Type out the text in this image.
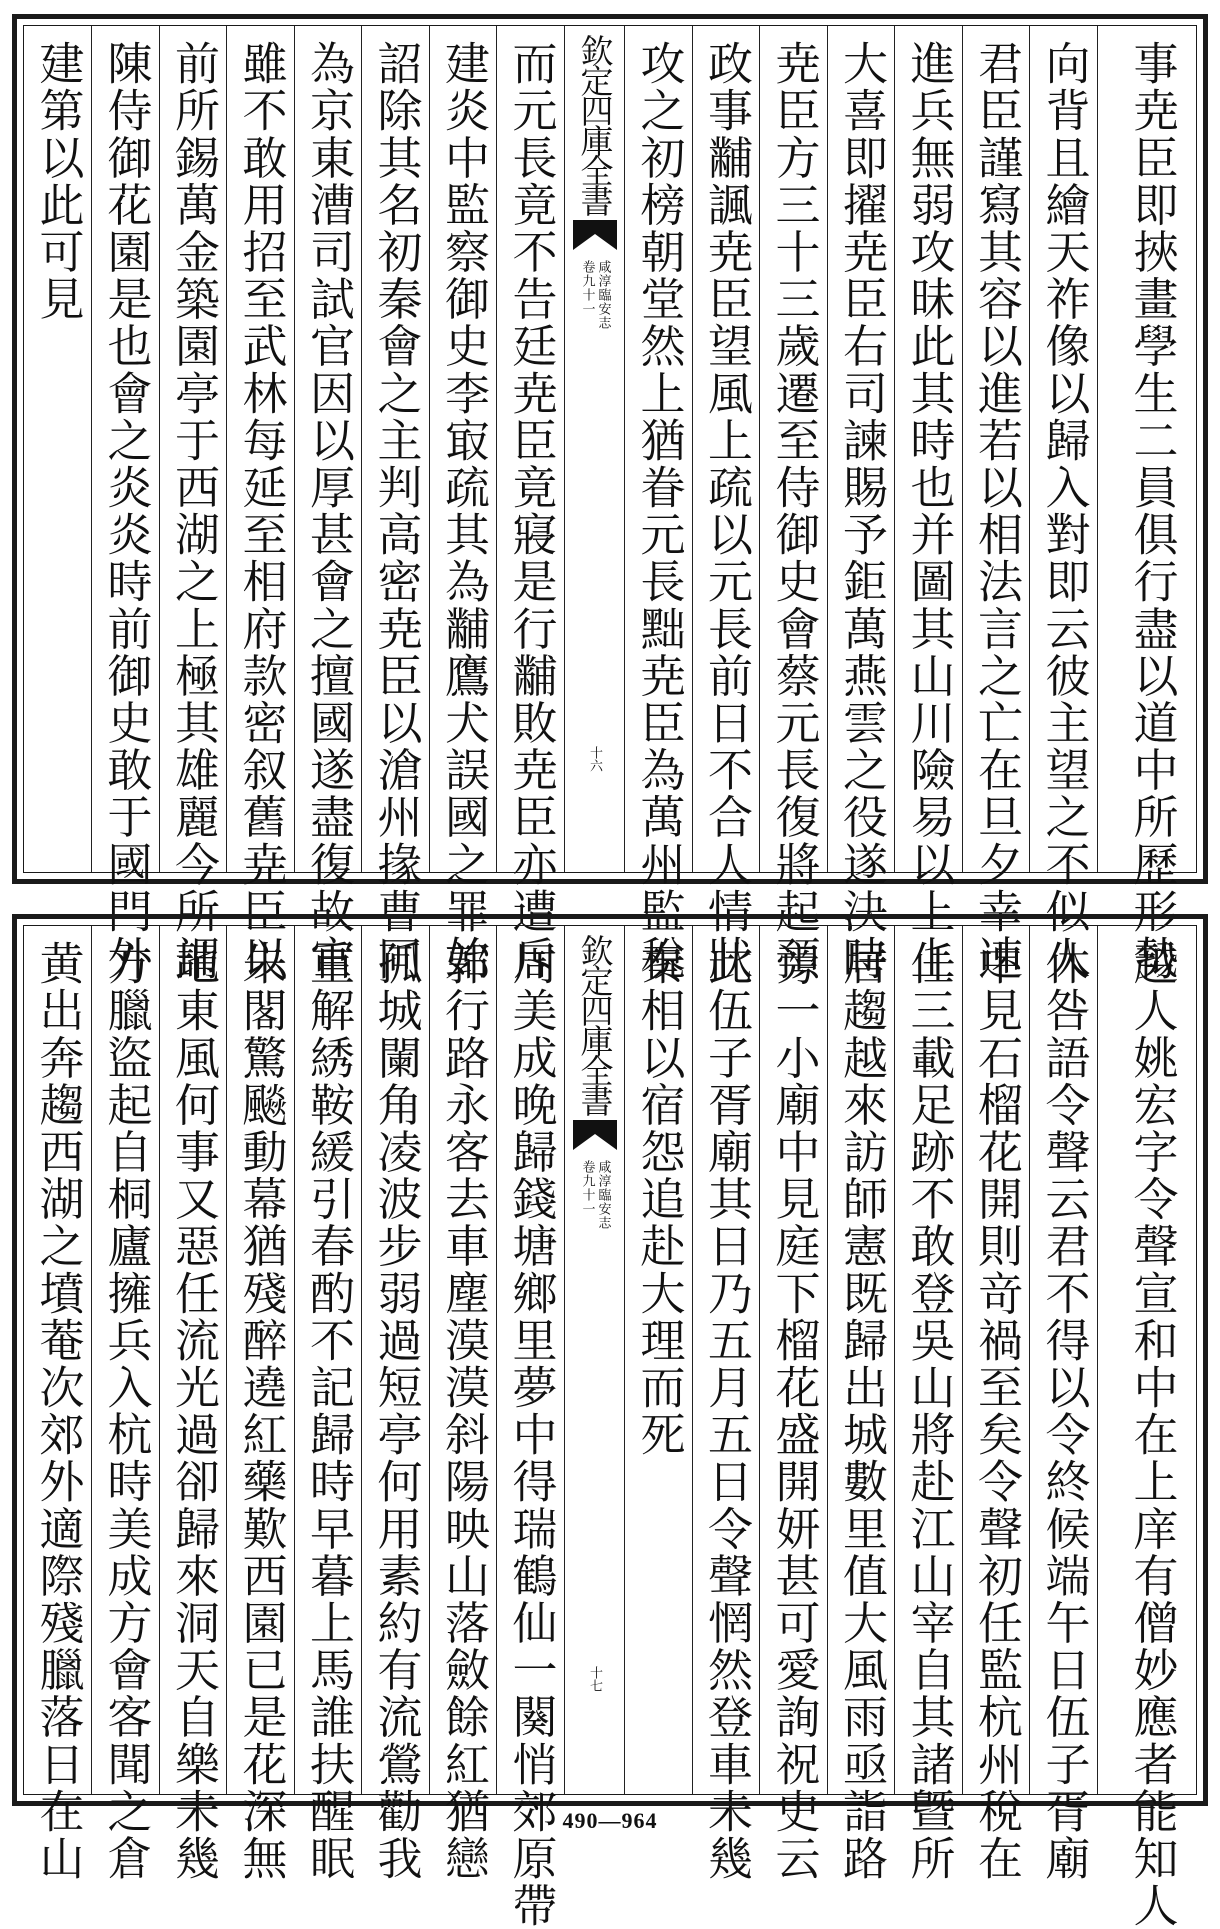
建第以此可見 陳侍御花園是也會之炎炎時前御史敢于國門外 前所錫萬金築園亭于西湖之上極其雄麗今所謂 雖不敢用招至武林每延至相府款密叙舊尭臣以 為京東漕司試官因以厚甚會之擅國遂盡復故官 詔除其名初秦會之主判高密尭臣以滄州掾曹同 建炎中監察御史李㝡疏其為黼鷹犬誤國之罪始 而元長竟不告廷尭臣竟寢是行黼敗尭臣亦遭斥 欽定四庫全書
咸淳臨安志
卷九十一
十六 攻之初榜朝堂然上猶眷元長黜尭臣為萬州監稅 政事黼諷尭臣望風上疏以元長前日不合人情狀 尭臣方三十三歲遷至侍御史會蔡元長復將起預 大喜即擢尭臣右司諫賜予鉅萬燕雲之役遂決時 進兵無弱攻昧此其時也并圖其山川險易以上上 君臣謹寫其容以進若以相法言之亡在旦夕幸速 向背且繪天祚像以歸入對即云彼主望之不似人 事尭臣即挾畫學生二員俱行盡以道中所歷形勢
黄出奔趨西湖之墳菴次郊外適際殘臘落日在山 方臘盜起自桐廬擁兵入杭時美成方會客聞之倉 地東風何事又惡任流光過卻歸來洞天自樂未幾 朱閣驚飈動幕猶殘醉遶紅藥歎西園已是花深無 重解綉鞍緩引春酌不記歸時早暮上馬誰扶醒眠 孤城闌角凌波步弱過短亭何用素約有流鶯勸我 郭行路永客去車塵漠漠斜陽映山落斂餘紅猶戀 周美成晚歸錢塘鄉里夢中得瑞鶴仙一闋悄郊原帶 欽定四庫全書
咸淳臨安志
卷九十一
十七
秦相以宿怨追赴大理而死 此伍子胥廟其日乃五月五日令聲惘然登車未幾 旁一小廟中見庭下榴花盛開妍甚可愛詢祝史云 居趨越來訪師憲既歸出城數里值大風雨亟詣路 任三載足跡不敢登吳山將赴江山宰自其諸曁所 中見石榴花開則竒禍至矣令聲初任監杭州稅在 休咎語令聲云君不得以令終候端午日伍子胥廟 越人姚宏字令聲宣和中在上庠有僧妙應者能知人
490—964
